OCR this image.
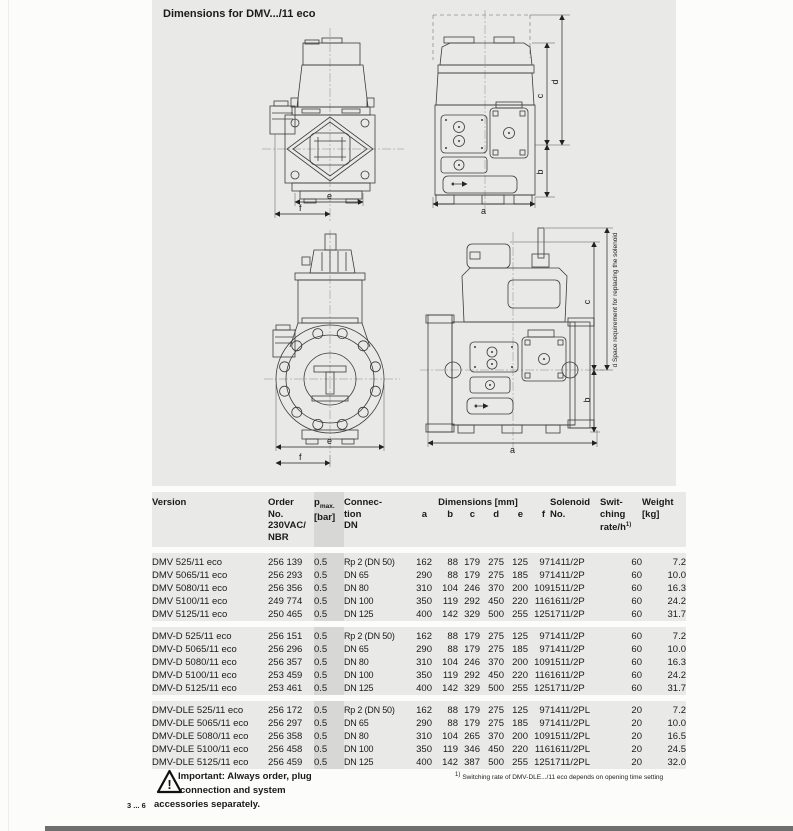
Dimensions for DMV.../11 eco
e
f	a
c
b
d
e
f
a
c
b
d Space requirement for replacing the solenoid
Version	Order
No.
230VAC/
NBR

$p_{max.}$
[bar]

Connec-
tion
DN

Dimensions [mm]
a	b	c	d	e	f

Solenoid
No.

Swit-
ching
rate/$h^{1)}$

Weight
[kg]
DMV 525/11 eco	256 139	0.5	Rp 2 (DN 50)	162	88	179	275	125	97	1411/2P	60	7.2
DMV 5065/11 eco	256 293	0.5	DN 65	290	88	179	275	185	97	1411/2P	60	10.0
DMV 5080/11 eco	256 356	0.5	DN 80	310	104	246	370	200	109	1511/2P	60	16.3
DMV 5100/11 eco	249 774	0.5	DN 100	350	119	292	450	220	116	1611/2P	60	24.2
DMV 5125/11 eco	250 465	0.5	DN 125	400	142	329	500	255	125	1711/2P	60	31.7
DMV-D 525/11 eco	256 151	0.5	Rp 2 (DN 50)	162	88	179	275	125	97	1411/2P	60	7.2
DMV-D 5065/11 eco	256 296	0.5	DN 65	290	88	179	275	185	97	1411/2P	60	10.0
DMV-D 5080/11 eco	256 357	0.5	DN 80	310	104	246	370	200	109	1511/2P	60	16.3
DMV-D 5100/11 eco	253 459	0.5	DN 100	350	119	292	450	220	116	1611/2P	60	24.2
DMV-D 5125/11 eco	253 461	0.5	DN 125	400	142	329	500	255	125	1711/2P	60	31.7
DMV-DLE 525/11 eco	256 172	0.5	Rp 2 (DN 50)	162	88	179	275	125	97	1411/2PL	20	7.2
DMV-DLE 5065/11 eco	256 297	0.5	DN 65	290	88	179	275	185	97	1411/2PL	20	10.0
DMV-DLE 5080/11 eco	256 358	0.5	DN 80	310	104	265	370	200	109	1511/2PL	20	16.5
DMV-DLE 5100/11 eco	256 458	0.5	DN 100	350	119	346	450	220	116	1611/2PL	20	24.5
DMV-DLE 5125/11 eco	256 459	0.5	DN 125	400	142	387	500	255	125	1711/2PL	20	32.0
$^{1)}$ Switching rate of DMV-DLE.../11 eco depends on opening time setting
!
Important: Always order, plug
connection and system
accessories separately.
3 ... 6
